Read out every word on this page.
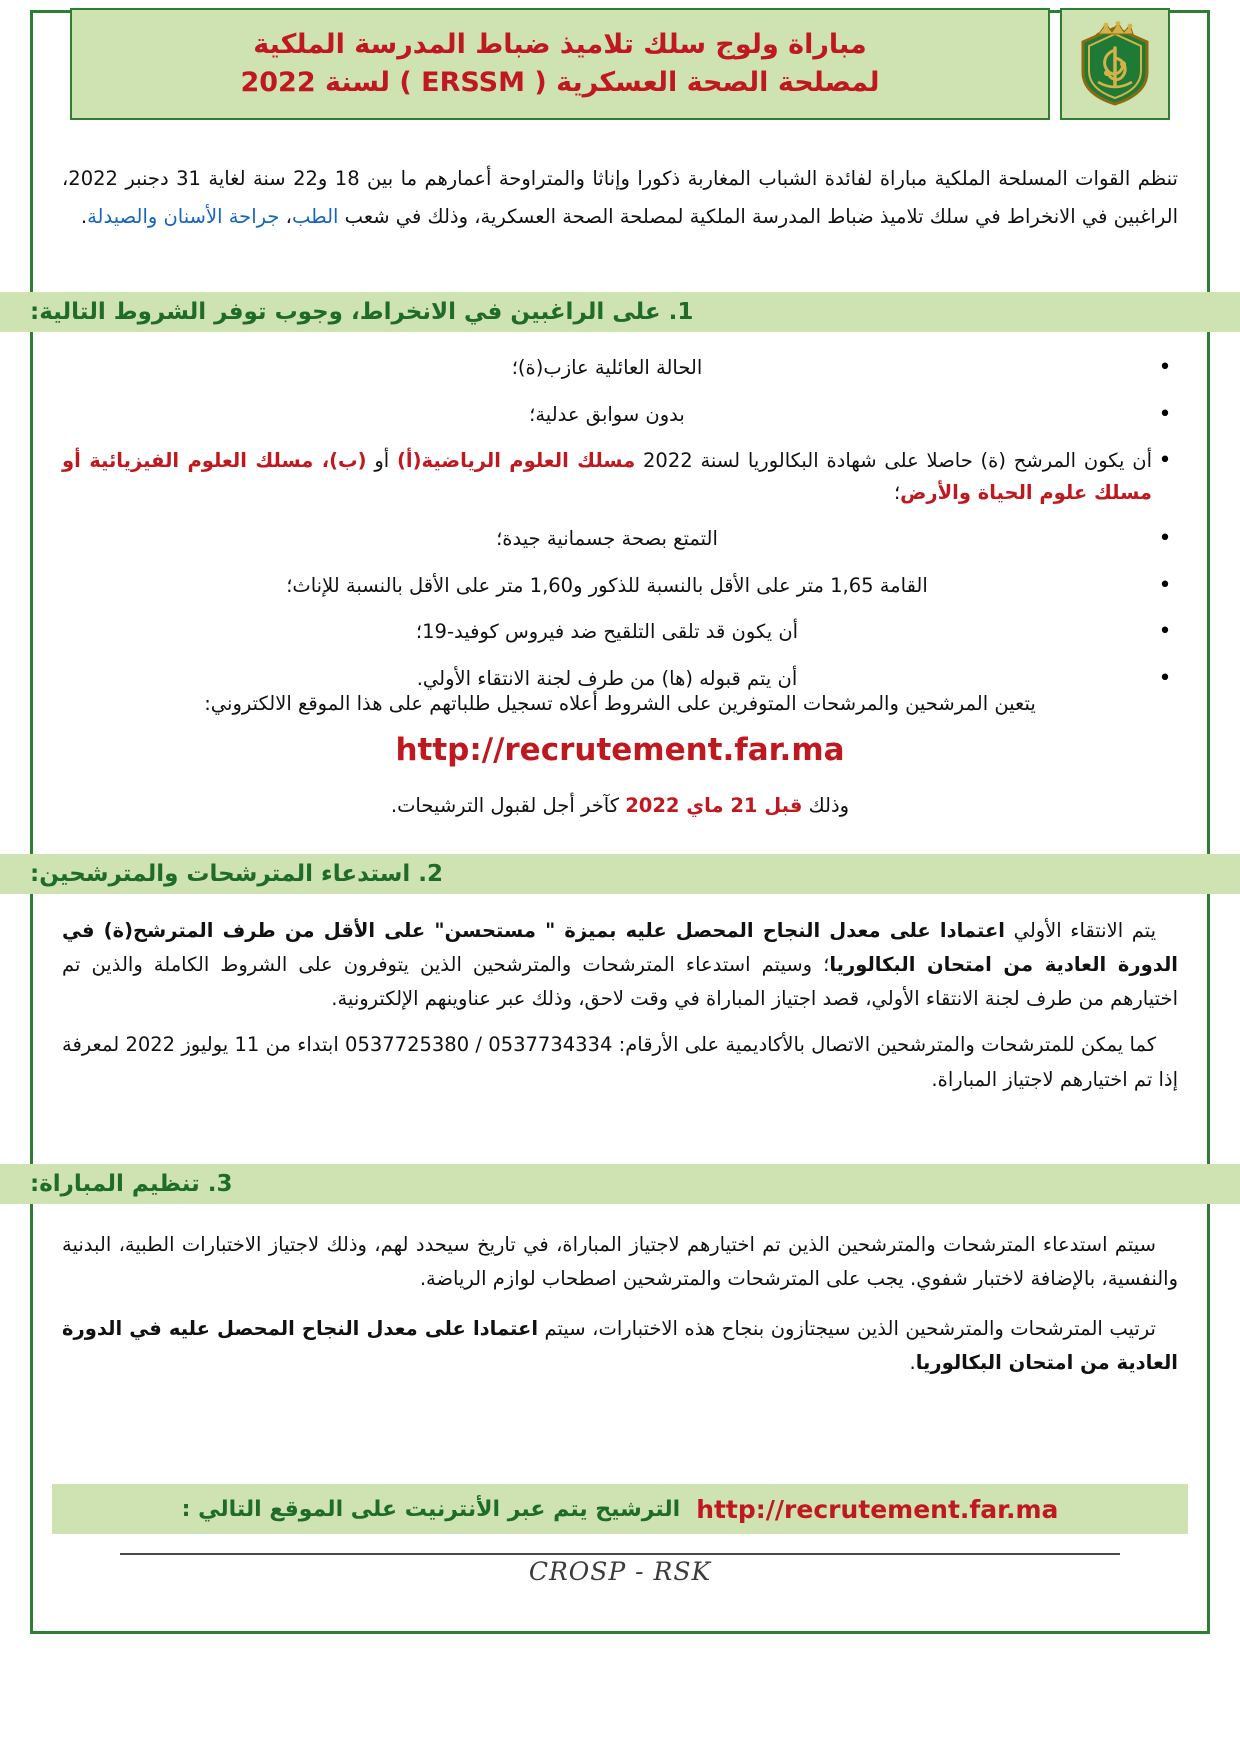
مباراة ولوج سلك تلاميذ ضباط المدرسة الملكية
لمصلحة الصحة العسكرية ( ERSSM ) لسنة 2022
تنظم القوات المسلحة الملكية مباراة لفائدة الشباب المغاربة ذكورا وإناثا والمتراوحة أعمارهم ما بين 18 و22 سنة لغاية 31 دجنبر 2022، الراغبين في الانخراط في سلك تلاميذ ضباط المدرسة الملكية لمصلحة الصحة العسكرية، وذلك في شعب الطب، جراحة الأسنان والصيدلة.
1. على الراغبين في الانخراط، وجوب توفر الشروط التالية:
•
الحالة العائلية عازب(ة)؛
•
بدون سوابق عدلية؛
•
أن يكون المرشح (ة) حاصلا على شهادة البكالوريا لسنة 2022 مسلك العلوم الرياضية(أ) أو (ب)، مسلك العلوم الفيزيائية أو مسلك علوم الحياة والأرض؛
•
التمتع بصحة جسمانية جيدة؛
•
القامة 1,65 متر على الأقل بالنسبة للذكور و1,60 متر على الأقل بالنسبة للإناث؛
•
أن يكون قد تلقى التلقيح ضد فيروس كوفيد-19؛
•
أن يتم قبوله (ها) من طرف لجنة الانتقاء الأولي.
يتعين المرشحين والمرشحات المتوفرين على الشروط أعلاه تسجيل طلباتهم على هذا الموقع الالكتروني:
http://recrutement.far.ma
وذلك قبل 21 ماي 2022 كآخر أجل لقبول الترشيحات.
2. استدعاء المترشحات والمترشحين:

يتم الانتقاء الأولي اعتمادا على معدل النجاح المحصل عليه بميزة " مستحسن" على الأقل من طرف المترشح(ة) في الدورة العادية من امتحان البكالوريا؛ وسيتم استدعاء المترشحات والمترشحين الذين يتوفرون على الشروط الكاملة والذين تم اختيارهم من طرف لجنة الانتقاء الأولي، قصد اجتياز المباراة في وقت لاحق، وذلك عبر عناوينهم الإلكترونية.

كما يمكن للمترشحات والمترشحين الاتصال بالأكاديمية على الأرقام: 0537734334 / 0537725380 ابتداء من 11 يوليوز 2022 لمعرفة إذا تم اختيارهم لاجتياز المباراة.

3. تنظيم المباراة:

سيتم استدعاء المترشحات والمترشحين الذين تم اختيارهم لاجتياز المباراة، في تاريخ سيحدد لهم، وذلك لاجتياز الاختبارات الطبية، البدنية والنفسية، بالإضافة لاختبار شفوي. يجب على المترشحات والمترشحين اصطحاب لوازم الرياضة.

ترتيب المترشحات والمترشحين الذين سيجتازون بنجاح هذه الاختبارات، سيتم اعتمادا على معدل النجاح المحصل عليه في الدورة العادية من امتحان البكالوريا.

http://recrutement.far.ma
الترشيح يتم عبر الأنترنيت على الموقع التالي :
CROSP - RSK
